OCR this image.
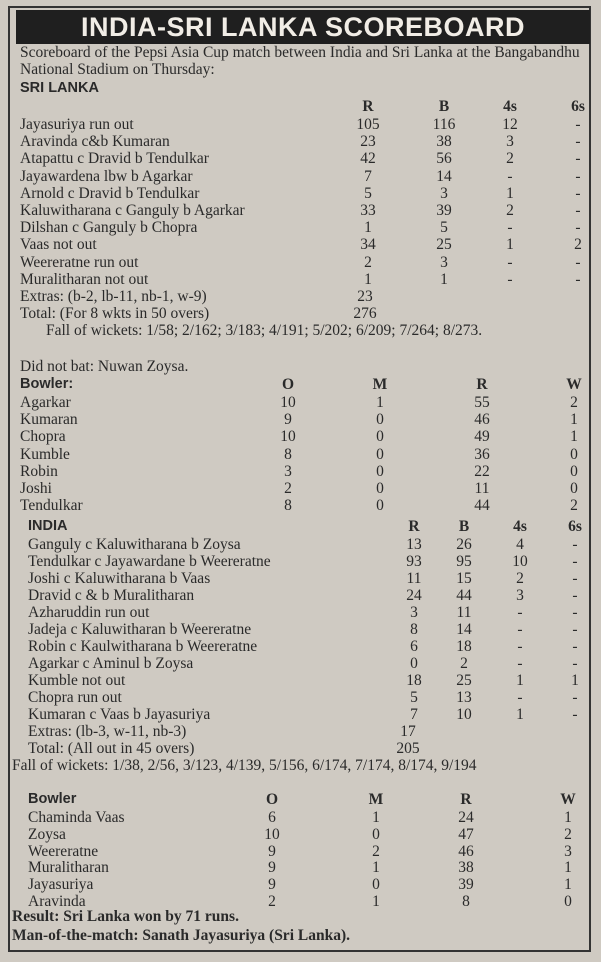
INDIA-SRI LANKA SCOREBOARD
Scoreboard of the Pepsi Asia Cup match between India and Sri Lanka at the Bangabandhu National Stadium on Thursday:
SRI LANKA
R	B	4s	6s
Jayasuriya run out	105	116	12	-
Aravinda c&b Kumaran	23	38	3	-
Atapattu c Dravid b Tendulkar	42	56	2	-
Jayawardena lbw b Agarkar	7	14	-	-
Arnold c Dravid b Tendulkar	5	3	1	-
Kaluwitharana c Ganguly b Agarkar	33	39	2	-
Dilshan c Ganguly b Chopra	1	5	-	-
Vaas not out	34	25	1	2
Weereratne run out	2	3	-	-
Muralitharan not out	1	1	-	-
Extras: (b-2, lb-11, nb-1, w-9)	23
Total: (For 8 wkts in 50 overs)	276
Fall of wickets: 1/58; 2/162; 3/183; 4/191; 5/202; 6/209; 7/264; 8/273.
Did not bat: Nuwan Zoysa.
Bowler:	O	M	R	W
Agarkar	10	1	55	2
Kumaran	9	0	46	1
Chopra	10	0	49	1
Kumble	8	0	36	0
Robin	3	0	22	0
Joshi	2	0	11	0
Tendulkar	8	0	44	2
INDIA	R	B	4s	6s
Ganguly c Kaluwitharana b Zoysa	13	26	4	-
Tendulkar c Jayawardane b Weereratne	93	95	10	-
Joshi c Kaluwitharana b Vaas	11	15	2	-
Dravid c & b Muralitharan	24	44	3	-
Azharuddin run out	3	11	-	-
Jadeja c Kaluwitharan b Weereratne	8	14	-	-
Robin c Kaulwitharana b Weereratne	6	18	-	-
Agarkar c Aminul b Zoysa	0	2	-	-
Kumble not out	18	25	1	1
Chopra run out	5	13	-	-
Kumaran c Vaas b Jayasuriya	7	10	1	-
Extras: (lb-3, w-11, nb-3)	17
Total: (All out in 45 overs)	205
Fall of wickets: 1/38, 2/56, 3/123, 4/139, 5/156, 6/174, 7/174, 8/174, 9/194
Bowler	O	M	R	W
Chaminda Vaas	6	1	24	1
Zoysa	10	0	47	2
Weereratne	9	2	46	3
Muralitharan	9	1	38	1
Jayasuriya	9	0	39	1
Aravinda	2	1	8	0
Result: Sri Lanka won by 71 runs.
Man-of-the-match: Sanath Jayasuriya (Sri Lanka).
